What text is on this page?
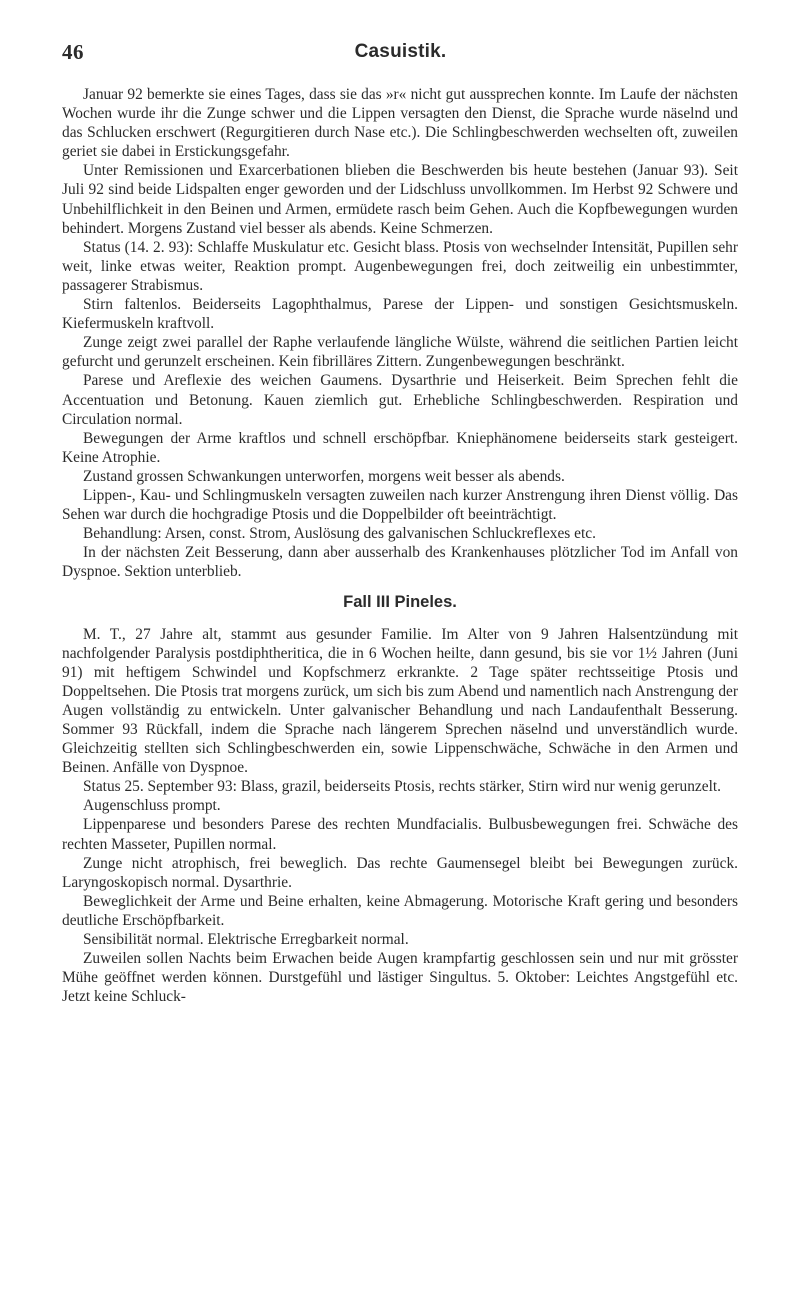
46	Casuistik.

Januar 92 bemerkte sie eines Tages, dass sie das »r« nicht gut aussprechen konnte. Im Laufe der nächsten Wochen wurde ihr die Zunge schwer und die Lippen versagten den Dienst, die Sprache wurde näselnd und das Schlucken erschwert (Regurgitieren durch Nase etc.). Die Schlingbeschwerden wechselten oft, zuweilen geriet sie dabei in Erstickungsgefahr.

Unter Remissionen und Exarcerbationen blieben die Beschwerden bis heute bestehen (Januar 93). Seit Juli 92 sind beide Lidspalten enger geworden und der Lidschluss unvollkommen. Im Herbst 92 Schwere und Unbehilflichkeit in den Beinen und Armen, ermüdete rasch beim Gehen. Auch die Kopfbewegungen wurden behindert. Morgens Zustand viel besser als abends. Keine Schmerzen.

Status (14. 2. 93): Schlaffe Muskulatur etc. Gesicht blass. Ptosis von wechselnder Intensität, Pupillen sehr weit, linke etwas weiter, Reaktion prompt. Augenbewegungen frei, doch zeitweilig ein unbestimmter, passagerer Strabismus.

Stirn faltenlos. Beiderseits Lagophthalmus, Parese der Lippen- und sonstigen Gesichtsmuskeln. Kiefermuskeln kraftvoll.

Zunge zeigt zwei parallel der Raphe verlaufende längliche Wülste, während die seitlichen Partien leicht gefurcht und gerunzelt erscheinen. Kein fibrilläres Zittern. Zungenbewegungen beschränkt.

Parese und Areflexie des weichen Gaumens. Dysarthrie und Heiserkeit. Beim Sprechen fehlt die Accentuation und Betonung. Kauen ziemlich gut. Erhebliche Schlingbeschwerden. Respiration und Circulation normal.

Bewegungen der Arme kraftlos und schnell erschöpfbar. Kniephänomene beiderseits stark gesteigert. Keine Atrophie.

Zustand grossen Schwankungen unterworfen, morgens weit besser als abends.

Lippen-, Kau- und Schlingmuskeln versagten zuweilen nach kurzer Anstrengung ihren Dienst völlig. Das Sehen war durch die hochgradige Ptosis und die Doppelbilder oft beeinträchtigt.

Behandlung: Arsen, const. Strom, Auslösung des galvanischen Schluckreflexes etc.

In der nächsten Zeit Besserung, dann aber ausserhalb des Krankenhauses plötzlicher Tod im Anfall von Dyspnoe. Sektion unterblieb.

Fall III Pineles.

M. T., 27 Jahre alt, stammt aus gesunder Familie. Im Alter von 9 Jahren Halsentzündung mit nachfolgender Paralysis postdiphtheritica, die in 6 Wochen heilte, dann gesund, bis sie vor 1½ Jahren (Juni 91) mit heftigem Schwindel und Kopfschmerz erkrankte. 2 Tage später rechtsseitige Ptosis und Doppeltsehen. Die Ptosis trat morgens zurück, um sich bis zum Abend und namentlich nach Anstrengung der Augen vollständig zu entwickeln. Unter galvanischer Behandlung und nach Landaufenthalt Besserung. Sommer 93 Rückfall, indem die Sprache nach längerem Sprechen näselnd und unverständlich wurde. Gleichzeitig stellten sich Schlingbeschwerden ein, sowie Lippenschwäche, Schwäche in den Armen und Beinen. Anfälle von Dyspnoe.

Status 25. September 93: Blass, grazil, beiderseits Ptosis, rechts stärker, Stirn wird nur wenig gerunzelt.

Augenschluss prompt.

Lippenparese und besonders Parese des rechten Mundfacialis. Bulbusbewegungen frei. Schwäche des rechten Masseter, Pupillen normal.

Zunge nicht atrophisch, frei beweglich. Das rechte Gaumensegel bleibt bei Bewegungen zurück. Laryngoskopisch normal. Dysarthrie.

Beweglichkeit der Arme und Beine erhalten, keine Abmagerung. Motorische Kraft gering und besonders deutliche Erschöpfbarkeit.

Sensibilität normal. Elektrische Erregbarkeit normal.

Zuweilen sollen Nachts beim Erwachen beide Augen krampfartig geschlossen sein und nur mit grösster Mühe geöffnet werden können. Durstgefühl und lästiger Singultus. 5. Oktober: Leichtes Angstgefühl etc. Jetzt keine Schluck-
